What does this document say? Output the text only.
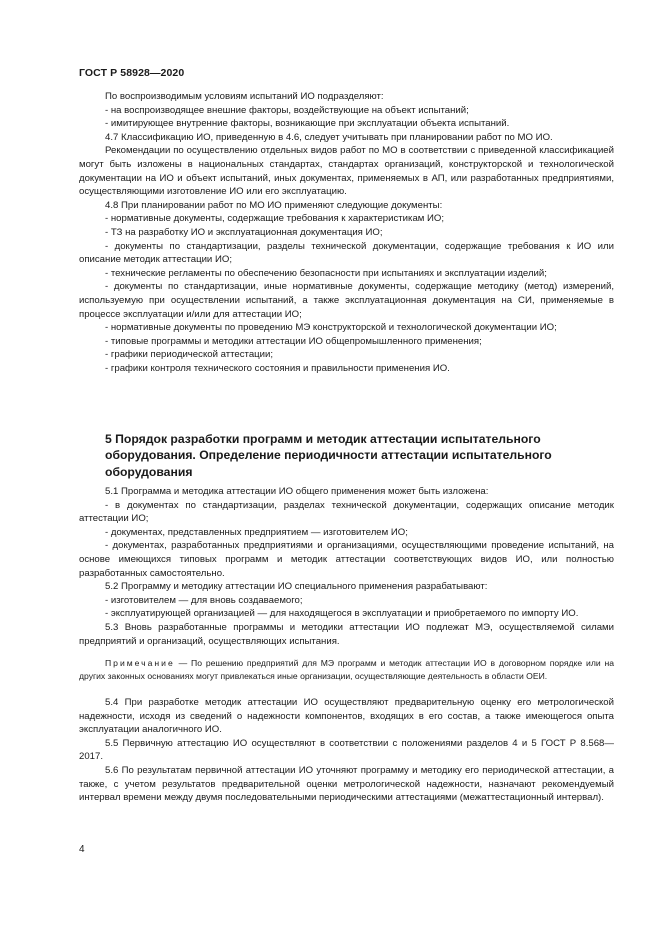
ГОСТ Р 58928—2020

По воспроизводимым условиям испытаний ИО подразделяют:

- на воспроизводящее внешние факторы, воздействующие на объект испытаний;

- имитирующее внутренние факторы, возникающие при эксплуатации объекта испытаний.

4.7 Классификацию ИО, приведенную в 4.6, следует учитывать при планировании работ по МО ИО.

Рекомендации по осуществлению отдельных видов работ по МО в соответствии с приведенной классификацией могут быть изложены в национальных стандартах, стандартах организаций, конструкторской и технологической документации на ИО и объект испытаний, иных документах, применяемых в АП, или разработанных предприятиями, осуществляющими изготовление ИО или его эксплуатацию.

4.8 При планировании работ по МО ИО применяют следующие документы:

- нормативные документы, содержащие требования к характеристикам ИО;

- ТЗ на разработку ИО и эксплуатационная документация ИО;

- документы по стандартизации, разделы технической документации, содержащие требования к ИО или описание методик аттестации ИО;

- технические регламенты по обеспечению безопасности при испытаниях и эксплуатации изделий;

- документы по стандартизации, иные нормативные документы, содержащие методику (метод) измерений, используемую при осуществлении испытаний, а также эксплуатационная документация на СИ, применяемые в процессе эксплуатации и/или для аттестации ИО;

- нормативные документы по проведению МЭ конструкторской и технологической документации ИО;

- типовые программы и методики аттестации ИО общепромышленного применения;

- графики периодической аттестации;

- графики контроля технического состояния и правильности применения ИО.

5 Порядок разработки программ и методик аттестации испытательного оборудования. Определение периодичности аттестации испытательного оборудования

5.1 Программа и методика аттестации ИО общего применения может быть изложена:

- в документах по стандартизации, разделах технической документации, содержащих описание методик аттестации ИО;

- документах, представленных предприятием — изготовителем ИО;

- документах, разработанных предприятиями и организациями, осуществляющими проведение испытаний, на основе имеющихся типовых программ и методик аттестации соответствующих видов ИО, или полностью разработанных самостоятельно.

5.2 Программу и методику аттестации ИО специального применения разрабатывают:

- изготовителем — для вновь создаваемого;

- эксплуатирующей организацией — для находящегося в эксплуатации и приобретаемого по импорту ИО.

5.3 Вновь разработанные программы и методики аттестации ИО подлежат МЭ, осуществляемой силами предприятий и организаций, осуществляющих испытания.

Примечание — По решению предприятий для МЭ программ и методик аттестации ИО в договорном порядке или на других законных основаниях могут привлекаться иные организации, осуществляющие деятельность в области ОЕИ.

5.4 При разработке методик аттестации ИО осуществляют предварительную оценку его метрологической надежности, исходя из сведений о надежности компонентов, входящих в его состав, а также имеющегося опыта эксплуатации аналогичного ИО.

5.5 Первичную аттестацию ИО осуществляют в соответствии с положениями разделов 4 и 5 ГОСТ Р 8.568—2017.

5.6 По результатам первичной аттестации ИО уточняют программу и методику его периодической аттестации, а также, с учетом результатов предварительной оценки метрологической надежности, назначают рекомендуемый интервал времени между двумя последовательными периодическими аттестациями (межаттестационный интервал).

4
